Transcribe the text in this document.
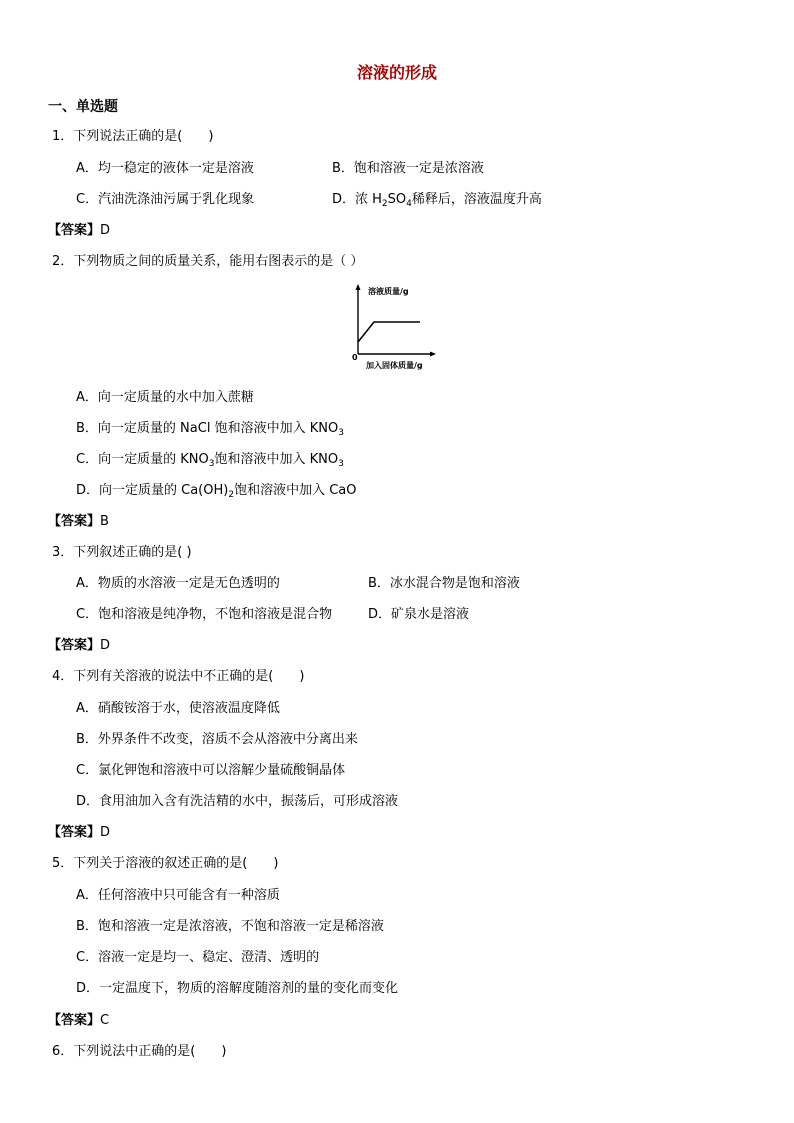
溶液的形成
一、单选题
1．下列说法正确的是(　　)
A．均一稳定的液体一定是溶液	B．饱和溶液一定是浓溶液
C．汽油洗涤油污属于乳化现象	D．浓 $H_2SO_4$稀释后，溶液温度升高
【答案】D
2．下列物质之间的质量关系，能用右图表示的是（ ）
溶液质量/g
0
加入固体质量/g
A．向一定质量的水中加入蔗糖
B．向一定质量的 NaCl 饱和溶液中加入 $KNO_3$
C．向一定质量的 $KNO_3$饱和溶液中加入 $KNO_3$
D．向一定质量的 $Ca(OH)_2$饱和溶液中加入 CaO
【答案】B
3．下列叙述正确的是( )
A．物质的水溶液一定是无色透明的	B．冰水混合物是饱和溶液
C．饱和溶液是纯净物，不饱和溶液是混合物	D．矿泉水是溶液
【答案】D
4．下列有关溶液的说法中不正确的是(　　)
A．硝酸铵溶于水，使溶液温度降低
B．外界条件不改变，溶质不会从溶液中分离出来
C．氯化钾饱和溶液中可以溶解少量硫酸铜晶体
D．食用油加入含有洗洁精的水中，振荡后，可形成溶液
【答案】D
5．下列关于溶液的叙述正确的是(　　)
A．任何溶液中只可能含有一种溶质
B．饱和溶液一定是浓溶液，不饱和溶液一定是稀溶液
C．溶液一定是均一、稳定、澄清、透明的
D．一定温度下，物质的溶解度随溶剂的量的变化而变化
【答案】C
6．下列说法中正确的是(　　)
